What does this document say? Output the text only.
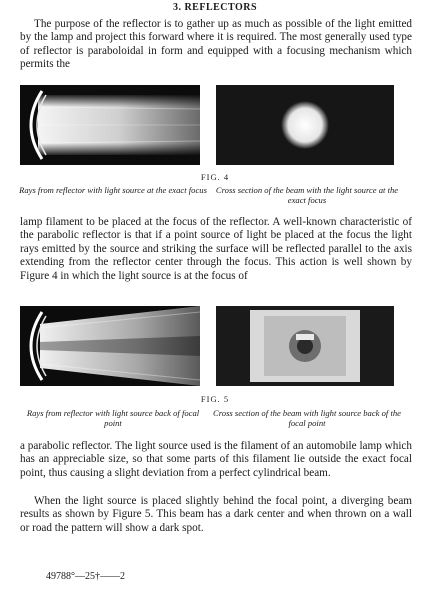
3. REFLECTORS

The purpose of the reflector is to gather up as much as possible of the light emitted by the lamp and project this forward where it is required. The most generally used type of reflector is paraboloidal in form and equipped with a focusing mechanism which permits the

FIG. 4
Rays from reflector with light source at the exact focus	Cross section of the beam with the light source at the exact focus

lamp filament to be placed at the focus of the reflector. A well-known characteristic of the parabolic reflector is that if a point source of light be placed at the focus the light rays emitted by the source and striking the surface will be reflected parallel to the axis extending from the reflector center through the focus. This action is well shown by Figure 4 in which the light source is at the focus of

FIG. 5
Rays from reflector with light source back of focal point
Cross section of the beam with light source back of the focal point

a parabolic reflector. The light source used is the filament of an automobile lamp which has an appreciable size, so that some parts of this filament lie outside the exact focal point, thus causing a slight deviation from a perfect cylindrical beam.

When the light source is placed slightly behind the focal point, a diverging beam results as shown by Figure 5. This beam has a dark center and when thrown on a wall or road the pattern will show a dark spot.

49788°—25†——2
